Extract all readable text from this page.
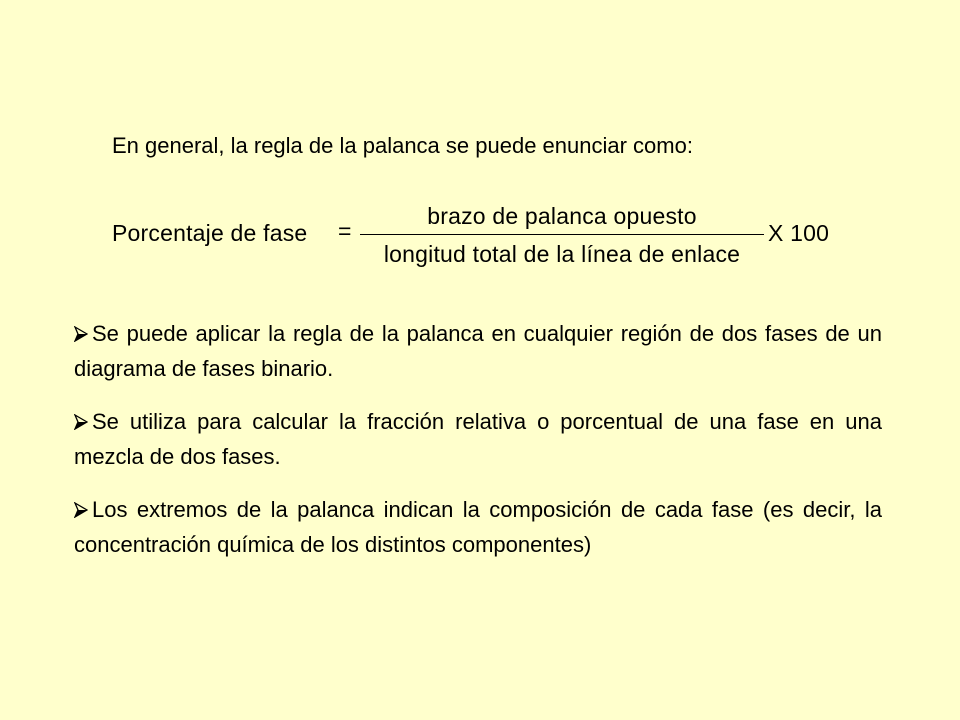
En general, la regla de la palanca se puede enunciar como:
Porcentaje de fase =
brazo de palanca opuesto
longitud total de la línea de enlace
X 100

Se puede aplicar la regla de la palanca en cualquier región de dos fases de un diagrama de fases binario.

Se utiliza para calcular la fracción relativa o porcentual de una fase en una mezcla de dos fases.

Los extremos de la palanca indican la composición de cada fase (es decir, la concentración química de los distintos componentes)
